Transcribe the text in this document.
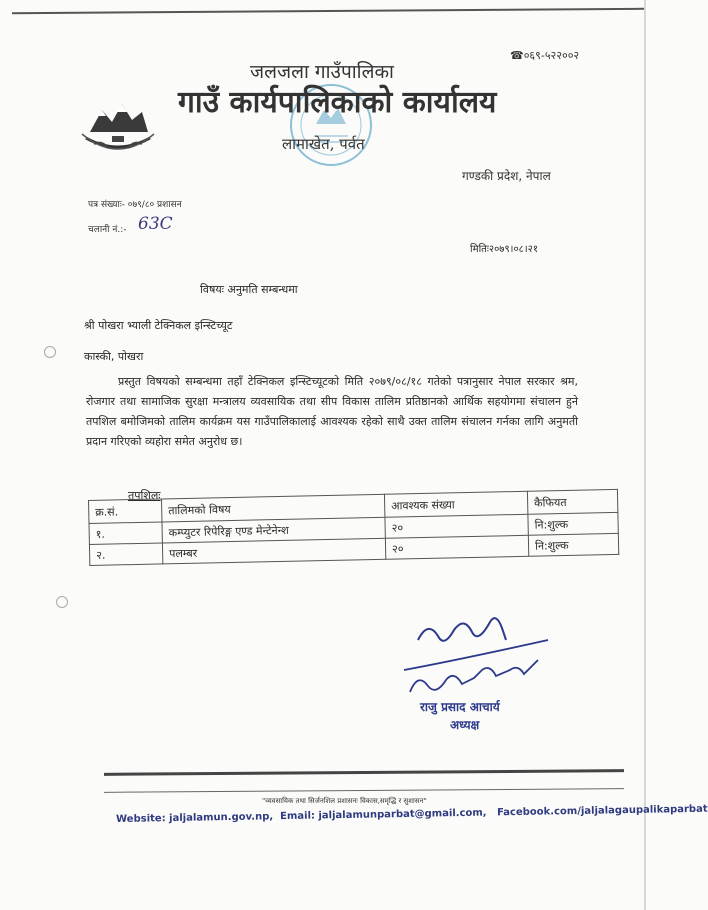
जलजला गाउँपालिका
गाउँ कार्यपालिकाको कार्यालय
लामाखेत, पर्वत
☎०६९-५२२००२
गण्डकी प्रदेश, नेपाल
पत्र संख्याः- ०७९/८० प्रशासन
चलानी नं.:- 63C
मितिः२०७९।०८।२१
विषयः अनुमति सम्बन्धमा
श्री पोखरा भ्याली टेक्निकल इन्स्टिच्यूट
कास्की, पोखरा
प्रस्तुत विषयको सम्बन्धमा तहाँ टेक्निकल इन्स्टिच्यूटको मिति २०७९/०८/१८ गतेको पत्रानुसार नेपाल सरकार श्रम, रोजगार तथा सामाजिक सुरक्षा मन्त्रालय व्यवसायिक तथा सीप विकास तालिम प्रतिष्ठानको आर्थिक सहयोगमा संचालन हुने तपशिल बमोजिमको तालिम कार्यक्रम यस गाउँपालिकालाई आवश्यक रहेको साथै उक्त तालिम संचालन गर्नका लागि अनुमती प्रदान गरिएको व्यहोरा समेत अनुरोध छ।
तपशिलः
क्र.सं.	तालिमको विषय	आवश्यक संख्या	कैफियत
१.	कम्प्युटर रिपेरिङ्ग एण्ड मेन्टेनेन्श	२०	नि:शुल्क
२.	पलम्बर	२०	नि:शुल्क
राजु प्रसाद आचार्य
अध्यक्ष
"व्यवसायिक तथा सिर्जनशिल प्रशासनः विकास,समृद्धि र सुशासन"
Website: jaljalamun.gov.np, Email: jaljalamunparbat@gmail.com, Facebook.com/jaljalagaupalikaparbat
